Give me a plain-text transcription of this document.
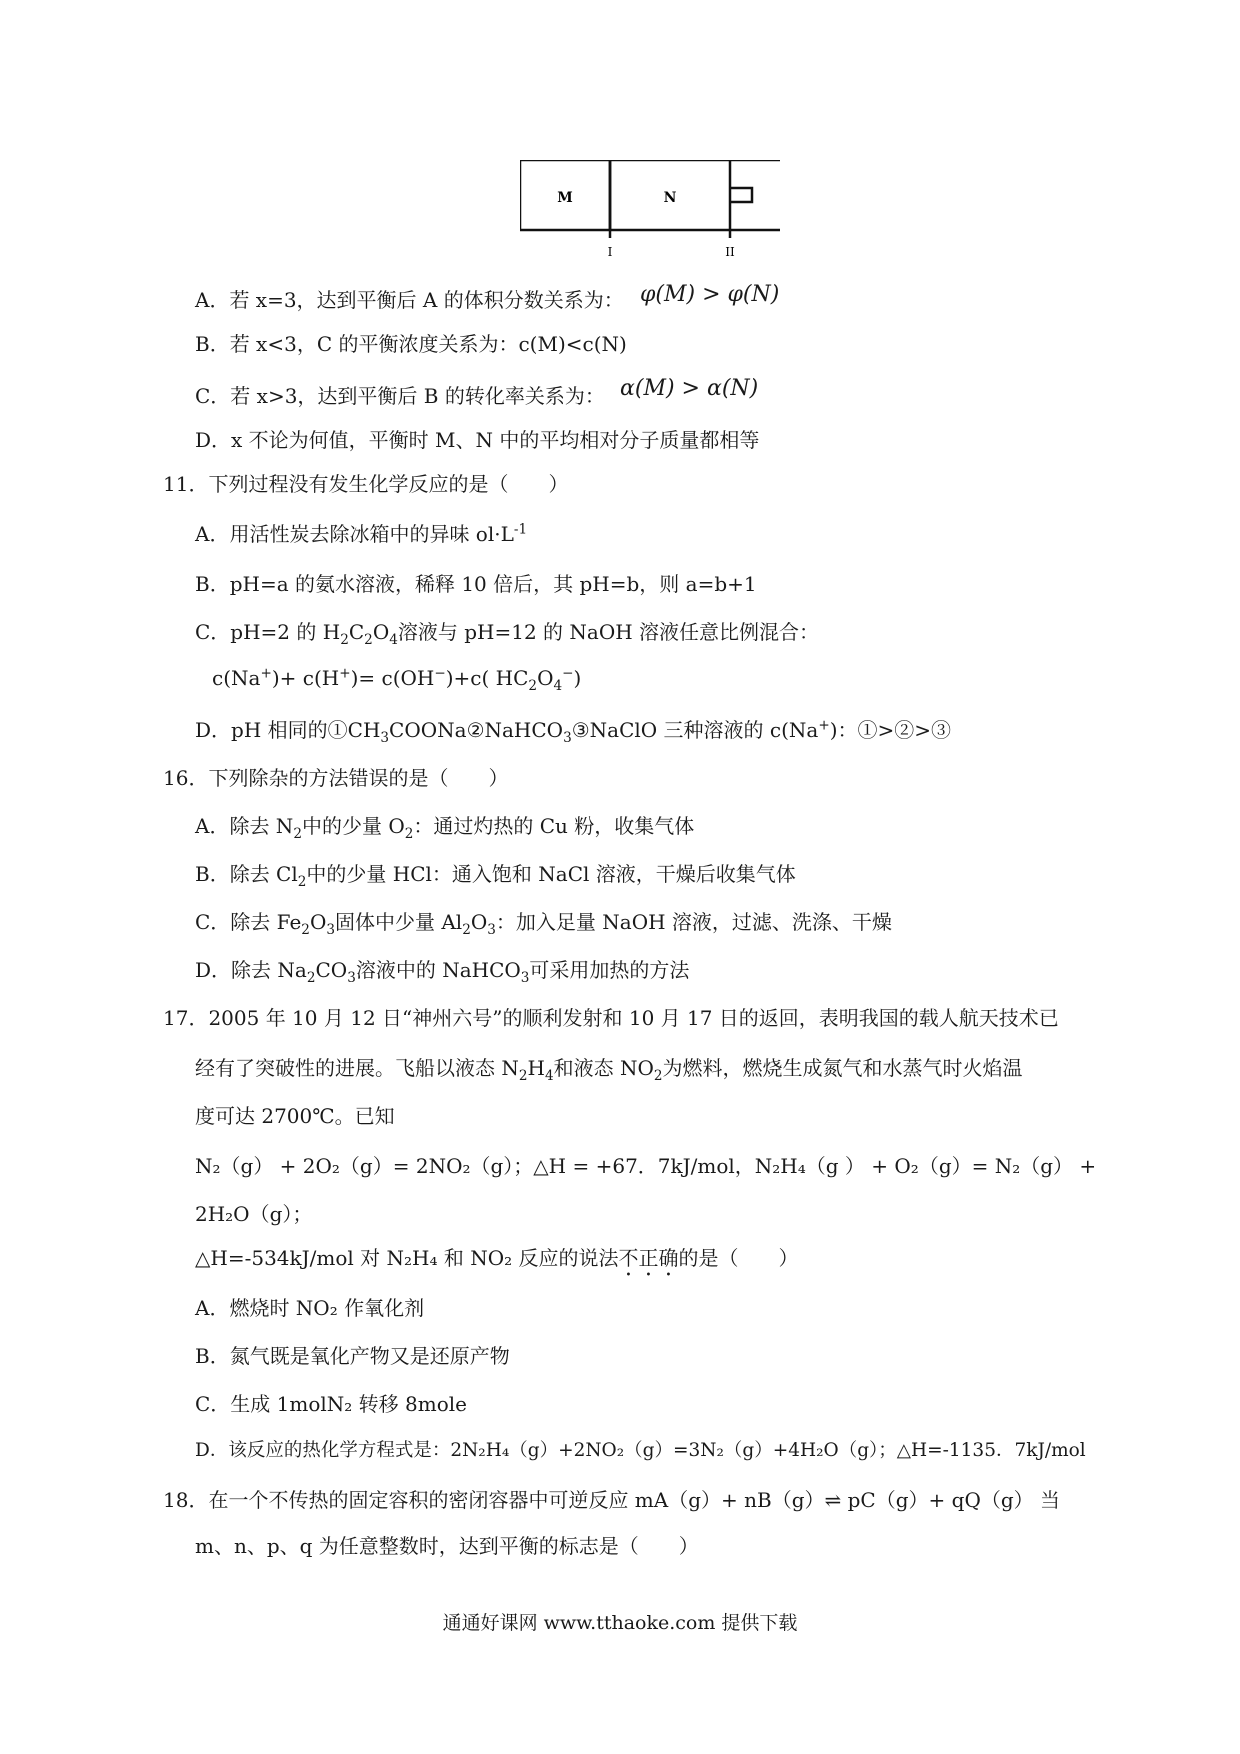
M	N
I	II
A．若 x=3，达到平衡后 A 的体积分数关系为： φ(M) > φ(N)
B．若 x<3，C 的平衡浓度关系为：c(M)<c(N)
C．若 x>3，达到平衡后 B 的转化率关系为： α(M) > α(N)
D．x 不论为何值，平衡时 M、N 中的平均相对分子质量都相等
11．下列过程没有发生化学反应的是（　　）
A．用活性炭去除冰箱中的异味 $ol\cdot L^{-1}$
B．pH=a 的氨水溶液，稀释 10 倍后，其 pH=b，则 a=b+1
C．pH=2 的 $H_2C_2O_4$溶液与 pH=12 的 NaOH 溶液任意比例混合：
c(Na+)+ c(H+)= c(OH−)+c( $HC_2O_4^-$)
D．pH 相同的$①CH_3COONa②NaHCO_3③NaClO$ 三种溶液的 c(Na+)：①>②>③
16．下列除杂的方法错误的是（　　）
A．除去 $N_2$中的少量 $O_2$：通过灼热的 Cu 粉，收集气体
B．除去 $Cl_2$中的少量 HCl：通入饱和 NaCl 溶液，干燥后收集气体
C．除去 $Fe_2O_3$固体中少量 $Al_2O_3$：加入足量 NaOH 溶液，过滤、洗涤、干燥
D．除去 $Na_2CO_3$溶液中的 NaHCO$_3$可采用加热的方法
17．2005 年 10 月 12 日“神州六号”的顺利发射和 10 月 17 日的返回，表明我国的载人航天技术已
经有了突破性的进展。飞船以液态 $N_2H_4$和液态 $NO_2$为燃料，燃烧生成氮气和水蒸气时火焰温
度可达 2700℃。已知
N₂（g） + 2O₂（g）= 2NO₂（g）；△H = +67．7kJ/mol，N₂H₄（g ） + O₂（g）= N₂（g） +
2H₂O（g）；
△H=-534kJ/mol 对 N₂H₄ 和 NO₂ 反应的说法不正确的是（　　）
A．燃烧时 NO₂ 作氧化剂
B．氮气既是氧化产物又是还原产物
C．生成 1molN₂ 转移 8mole
D．该反应的热化学方程式是：2N₂H₄（g）+2NO₂（g）=3N₂（g）+4H₂O（g）；△H=-1135．7kJ/mol
18．在一个不传热的固定容积的密闭容器中可逆反应 mA（g）+ nB（g）⇌ pC（g）+ qQ（g） 当
m、n、p、q 为任意整数时，达到平衡的标志是（　　）
通通好课网 www.tthaoke.com 提供下载
